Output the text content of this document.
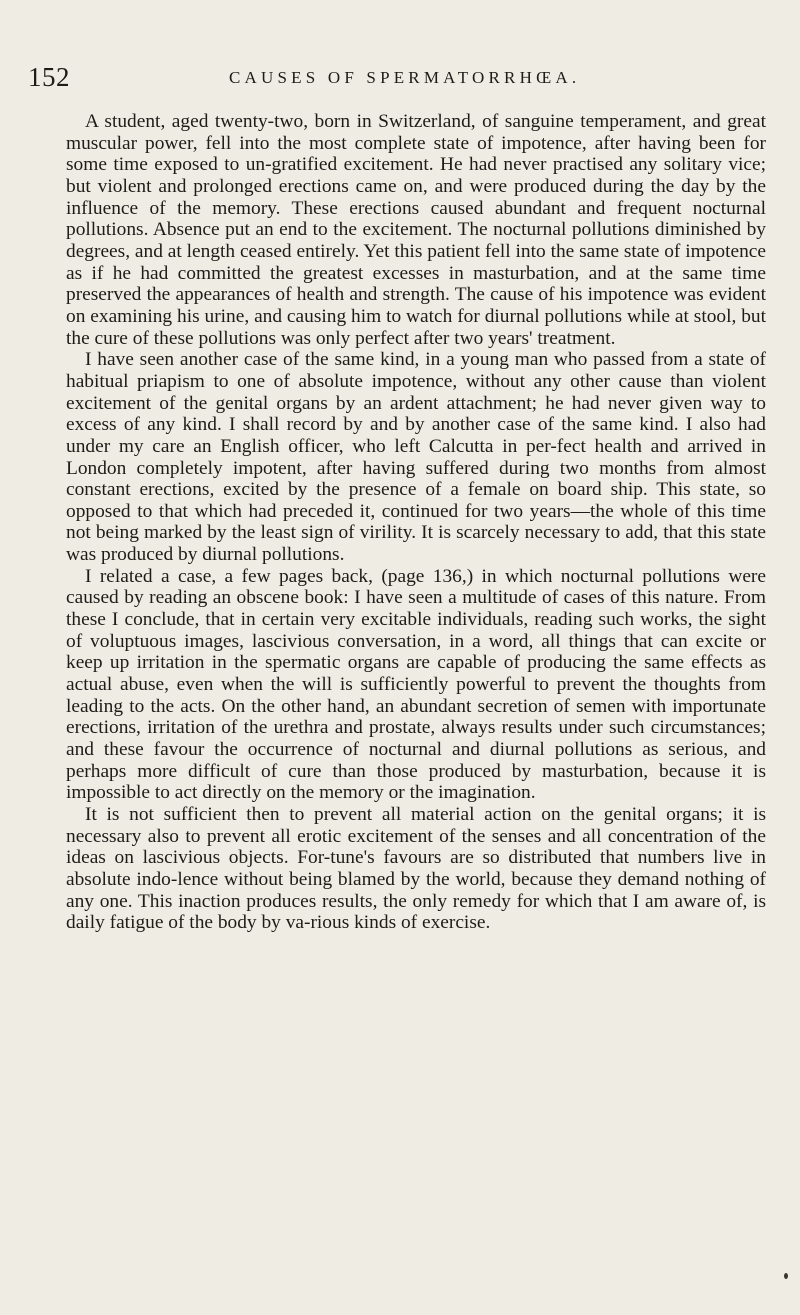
152	CAUSES OF SPERMATORRHŒA.

A student, aged twenty-two, born in Switzerland, of sanguine temperament, and great muscular power, fell into the most complete state of impotence, after having been for some time exposed to un-gratified excitement. He had never practised any solitary vice; but violent and prolonged erections came on, and were produced during the day by the influence of the memory. These erections caused abundant and frequent nocturnal pollutions. Absence put an end to the excitement. The nocturnal pollutions diminished by degrees, and at length ceased entirely. Yet this patient fell into the same state of impotence as if he had committed the greatest excesses in masturbation, and at the same time preserved the appearances of health and strength. The cause of his impotence was evident on examining his urine, and causing him to watch for diurnal pollutions while at stool, but the cure of these pollutions was only perfect after two years' treatment.

I have seen another case of the same kind, in a young man who passed from a state of habitual priapism to one of absolute impotence, without any other cause than violent excitement of the genital organs by an ardent attachment; he had never given way to excess of any kind. I shall record by and by another case of the same kind. I also had under my care an English officer, who left Calcutta in per-fect health and arrived in London completely impotent, after having suffered during two months from almost constant erections, excited by the presence of a female on board ship. This state, so opposed to that which had preceded it, continued for two years—the whole of this time not being marked by the least sign of virility. It is scarcely necessary to add, that this state was produced by diurnal pollutions.

I related a case, a few pages back, (page 136,) in which nocturnal pollutions were caused by reading an obscene book: I have seen a multitude of cases of this nature. From these I conclude, that in certain very excitable individuals, reading such works, the sight of voluptuous images, lascivious conversation, in a word, all things that can excite or keep up irritation in the spermatic organs are capable of producing the same effects as actual abuse, even when the will is sufficiently powerful to prevent the thoughts from leading to the acts. On the other hand, an abundant secretion of semen with importunate erections, irritation of the urethra and prostate, always results under such circumstances; and these favour the occurrence of nocturnal and diurnal pollutions as serious, and perhaps more difficult of cure than those produced by masturbation, because it is impossible to act directly on the memory or the imagination.

It is not sufficient then to prevent all material action on the genital organs; it is necessary also to prevent all erotic excitement of the senses and all concentration of the ideas on lascivious objects. For-tune's favours are so distributed that numbers live in absolute indo-lence without being blamed by the world, because they demand nothing of any one. This inaction produces results, the only remedy for which that I am aware of, is daily fatigue of the body by va-rious kinds of exercise.
